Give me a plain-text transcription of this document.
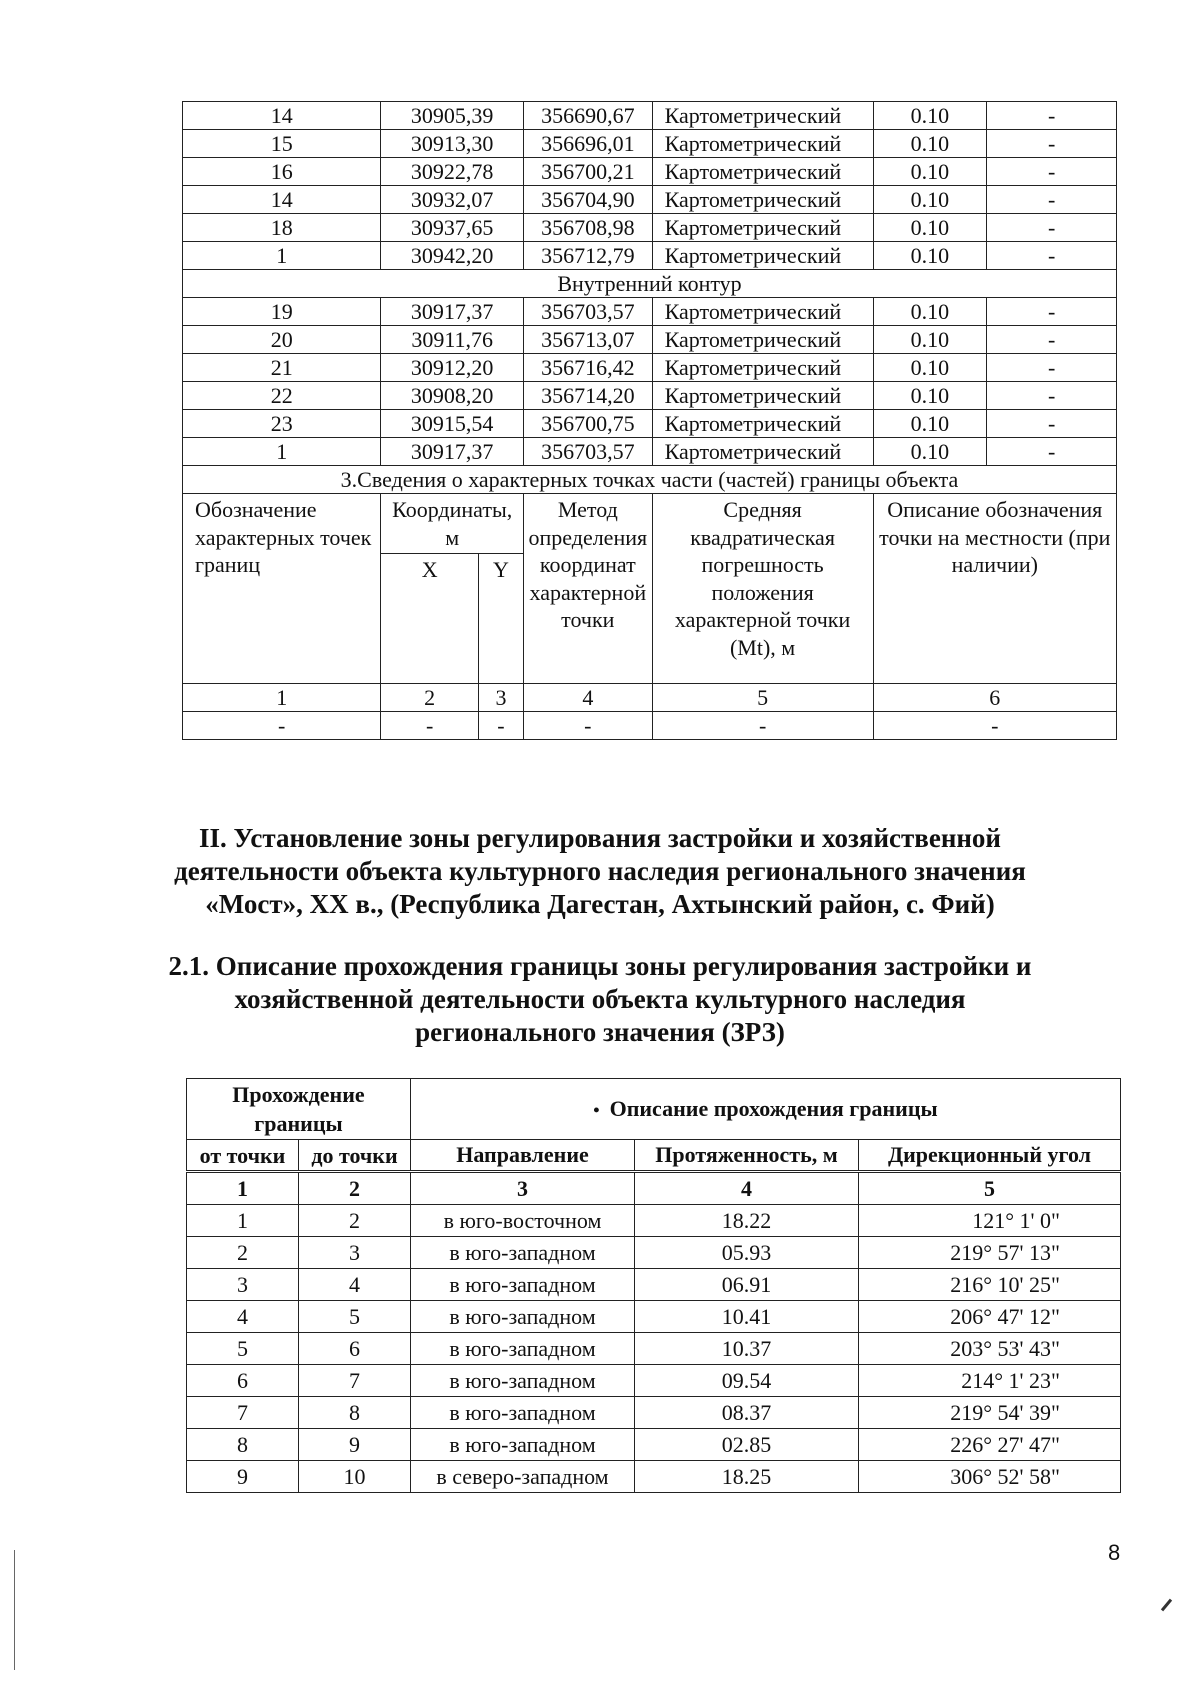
14	30905,39		356690,67	Картометрический	0.10	-
15	30913,30		356696,01	Картометрический	0.10	-
16	30922,78		356700,21	Картометрический	0.10	-
14	30932,07		356704,90	Картометрический	0.10	-
18	30937,65		356708,98	Картометрический	0.10	-
1	30942,20		356712,79	Картометрический	0.10	-
Внутренний контур						
19	30917,37		356703,57	Картометрический	0.10	-
20	30911,76		356713,07	Картометрический	0.10	-
21	30912,20		356716,42	Картометрический	0.10	-
22	30908,20		356714,20	Картометрический	0.10	-
23	30915,54		356700,75	Картометрический	0.10	-
1	30917,37		356703,57	Картометрический	0.10	-
3.Сведения о характерных точках части (частей) границы объекта						
Обозначение характерных точек границ	Координаты, м		Метод определения координат характерной точки	Средняя квадратическая погрешность положения характерной точки (Mt), м	Описание обозначения точки на местности (при наличии)	
	X	Y				
1	2	3	4	5	6	
-	-	-	-	-	-	
II. Установление зоны регулирования застройки и хозяйственной деятельности объекта культурного наследия регионального значения «Мост», XX в., (Республика Дагестан, Ахтынский район, с. Фий)
2.1. Описание прохождения границы зоны регулирования застройки и хозяйственной деятельности объекта культурного наследия регионального значения (ЗРЗ)
Прохождение границы		• Описание прохождения границы		
от точки	до точки			
		Направление	Протяженность, м	Дирекционный угол
1	2	3	4	5
1	2	в юго-восточном	18.22	121° 1' 0"
2	3	в юго-западном	05.93	219° 57' 13"
3	4	в юго-западном	06.91	216° 10' 25"
4	5	в юго-западном	10.41	206° 47' 12"
5	6	в юго-западном	10.37	203° 53' 43"
6	7	в юго-западном	09.54	214° 1' 23"
7	8	в юго-западном	08.37	219° 54' 39"
8	9	в юго-западном	02.85	226° 27' 47"
9	10	в северо-западном	18.25	306° 52' 58"
8
